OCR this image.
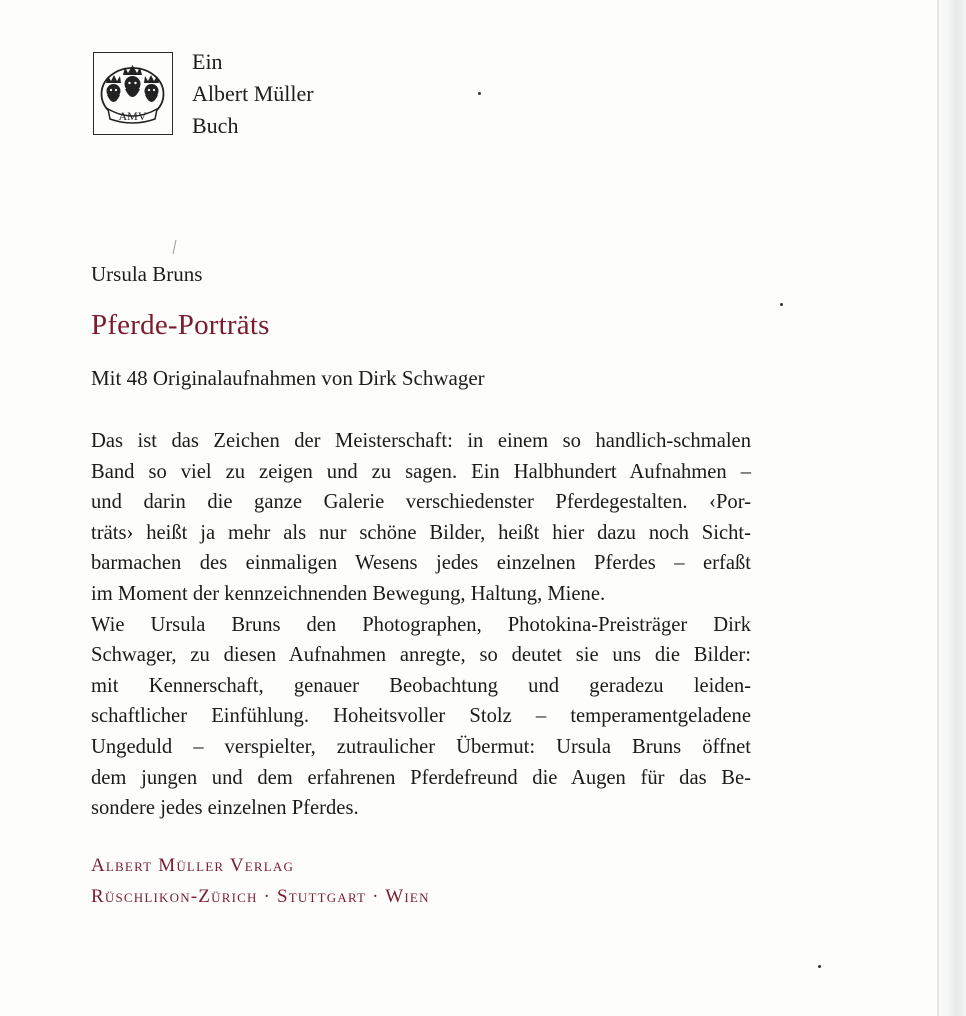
AMV
Ein
Albert Müller
Buch
Ursula Bruns
Pferde-Porträts
Mit 48 Originalaufnahmen von Dirk Schwager
Das ist das Zeichen der Meisterschaft: in einem so handlich-schmalen
Band so viel zu zeigen und zu sagen. Ein Halbhundert Aufnahmen –
und darin die ganze Galerie verschiedenster Pferdegestalten. ‹Por-
träts› heißt ja mehr als nur schöne Bilder, heißt hier dazu noch Sicht-
barmachen des einmaligen Wesens jedes einzelnen Pferdes – erfaßt
im Moment der kennzeichnenden Bewegung, Haltung, Miene.
Wie Ursula Bruns den Photographen, Photokina-Preisträger Dirk
Schwager, zu diesen Aufnahmen anregte, so deutet sie uns die Bilder:
mit Kennerschaft, genauer Beobachtung und geradezu leiden-
schaftlicher Einfühlung. Hoheitsvoller Stolz – temperamentgeladene
Ungeduld – verspielter, zutraulicher Übermut: Ursula Bruns öffnet
dem jungen und dem erfahrenen Pferdefreund die Augen für das Be-
sondere jedes einzelnen Pferdes.
Albert Müller Verlag
Rüschlikon-Zürich · Stuttgart · Wien
